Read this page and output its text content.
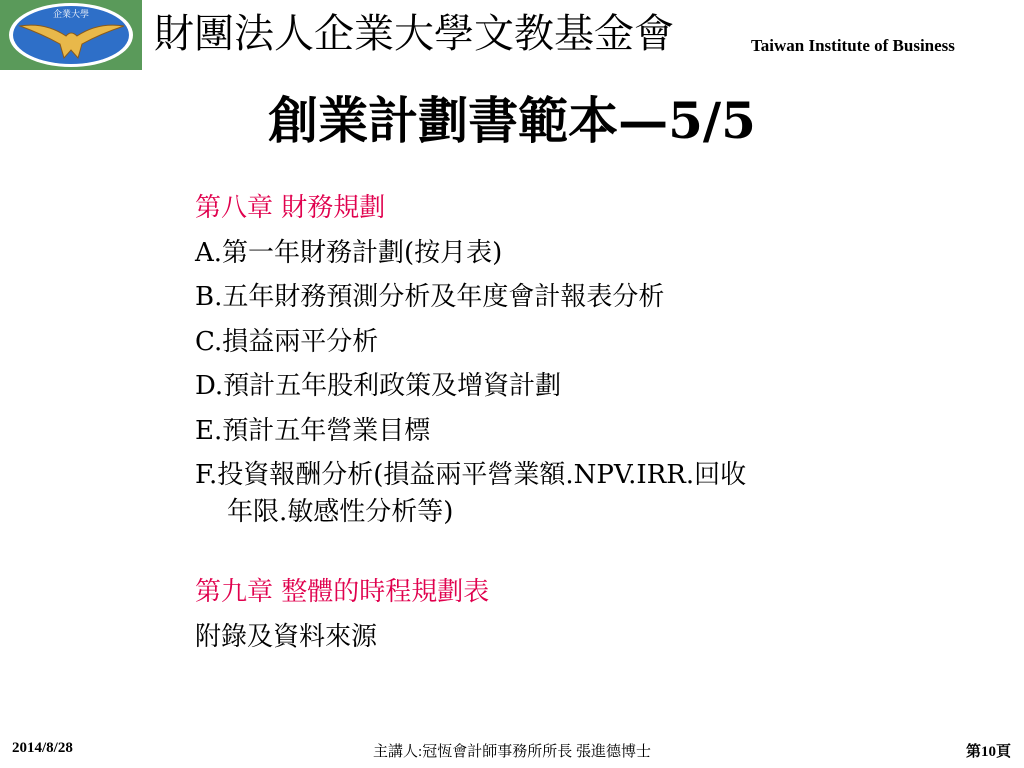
企業大學 財團法人企業大學文教基金會	Taiwan Institute of Business
創業計劃書範本—5/5
第八章 財務規劃
A.第一年財務計劃(按月表)
B.五年財務預測分析及年度會計報表分析
C.損益兩平分析
D.預計五年股利政策及增資計劃
E.預計五年營業目標
F.投資報酬分析(損益兩平營業額.NPV.IRR.回收
年限.敏感性分析等)
第九章 整體的時程規劃表
附錄及資料來源
2014/8/28	主講人:冠恆會計師事務所所長 張進德博士	第10頁
